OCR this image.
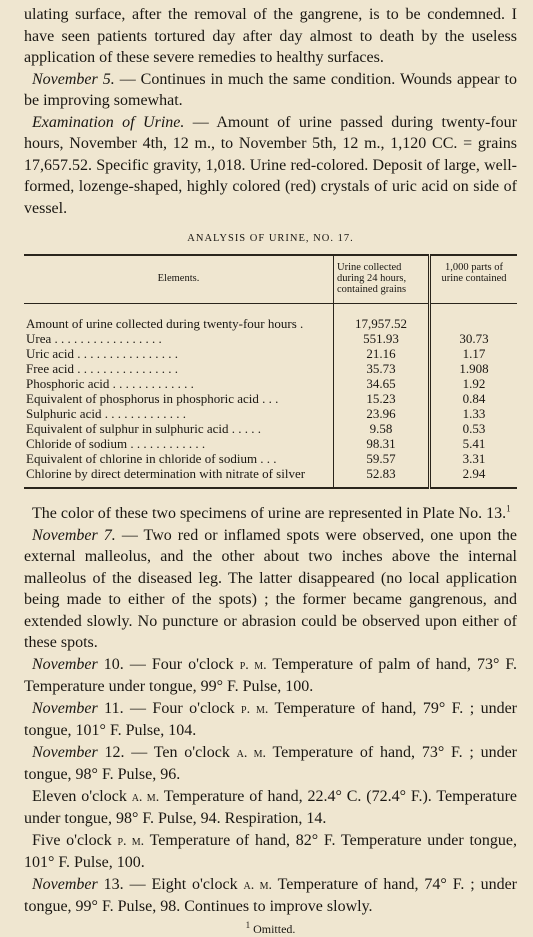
ulating surface, after the removal of the gangrene, is to be condemned. I have seen patients tortured day after day almost to death by the useless application of these severe remedies to healthy surfaces.

November 5. — Continues in much the same condition. Wounds appear to be improving somewhat.

Examination of Urine. — Amount of urine passed during twenty-four hours, November 4th, 12 m., to November 5th, 12 m., 1,120 CC. = grains 17,657.52. Specific gravity, 1,018. Urine red-colored. Deposit of large, well-formed, lozenge-shaped, highly colored (red) crystals of uric acid on side of vessel.

ANALYSIS OF URINE, NO. 17.
Elements.	Urine collected during 24 hours, contained grains	1,000 parts of urine contained

Amount of urine collected during twenty-four hours .	17,957.52	
Urea . . . . . . . . . . . . . . . . .	551.93	30.73
Uric acid . . . . . . . . . . . . . . . .	21.16	1.17
Free acid . . . . . . . . . . . . . . . .	35.73	1.908
Phosphoric acid . . . . . . . . . . . . .	34.65	1.92
Equivalent of phosphorus in phosphoric acid . . .	15.23	0.84
Sulphuric acid . . . . . . . . . . . . .	23.96	1.33
Equivalent of sulphur in sulphuric acid . . . . .	9.58	0.53
Chloride of sodium . . . . . . . . . . . .	98.31	5.41
Equivalent of chlorine in chloride of sodium . . .	59.57	3.31
Chlorine by direct determination with nitrate of silver	52.83	2.94

The color of these two specimens of urine are represented in Plate No. 13.$^1$

November 7. — Two red or inflamed spots were observed, one upon the external malleolus, and the other about two inches above the internal malleolus of the diseased leg. The latter disappeared (no local application being made to either of the spots) ; the former became gangrenous, and extended slowly. No puncture or abrasion could be observed upon either of these spots.

November 10. — Four o'clock p. m. Temperature of palm of hand, 73° F. Temperature under tongue, 99° F. Pulse, 100.

November 11. — Four o'clock p. m. Temperature of hand, 79° F. ; under tongue, 101° F. Pulse, 104.

November 12. — Ten o'clock a. m. Temperature of hand, 73° F. ; under tongue, 98° F. Pulse, 96.

Eleven o'clock a. m. Temperature of hand, 22.4° C. (72.4° F.). Temperature under tongue, 98° F. Pulse, 94. Respiration, 14.

Five o'clock p. m. Temperature of hand, 82° F. Temperature under tongue, 101° F. Pulse, 100.

November 13. — Eight o'clock a. m. Temperature of hand, 74° F. ; under tongue, 99° F. Pulse, 98. Continues to improve slowly.

$^1$ Omitted.
